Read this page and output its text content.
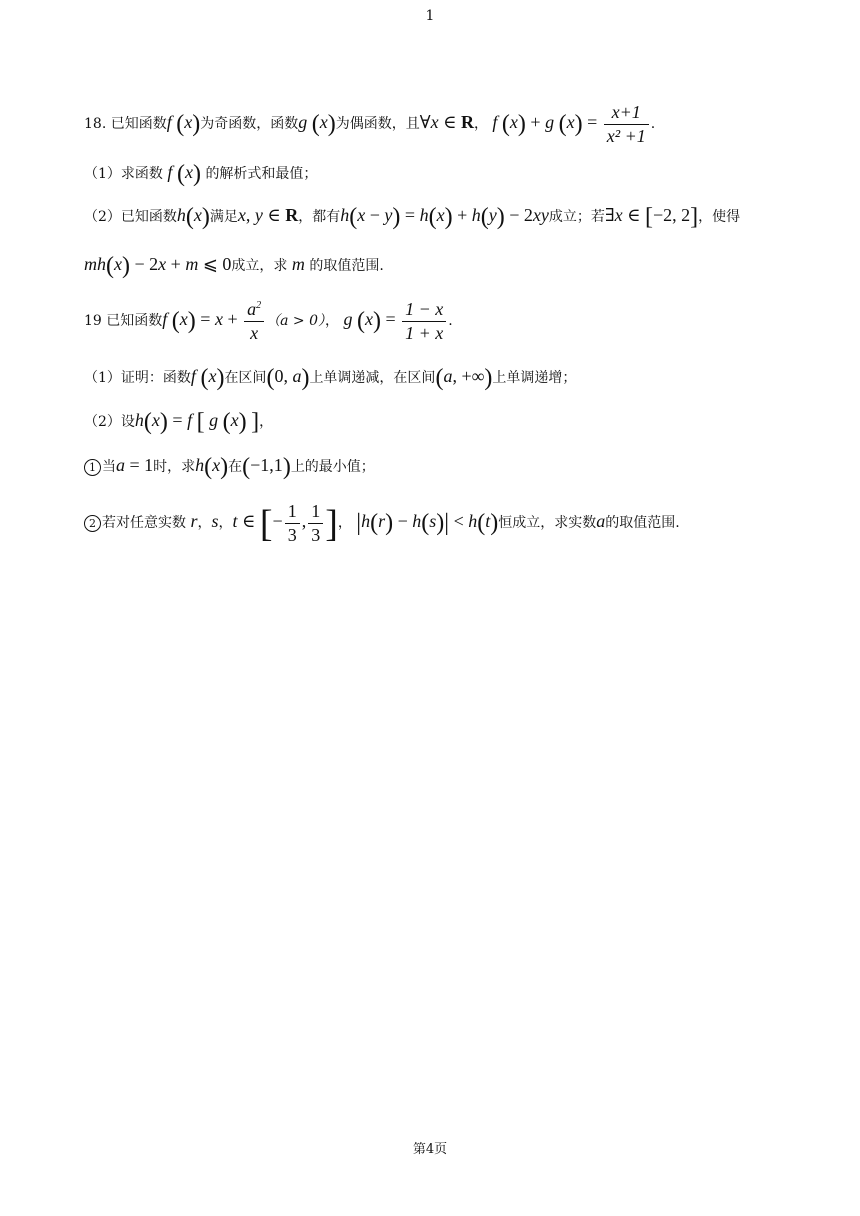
1
18. 已知函数f (x)为奇函数，函数g (x)为偶函数，且∀x ∈ R， f (x) + g $(x) = \frac{x+1}{\text{x² +1}}$ .
（1）求函数 f (x) 的解析式和最值；
（2）已知函数h(x)满足x, y ∈ R，都有h(x − y) = h(x) + h(y) − 2xy成立；若∃x ∈ [−2, 2]，使得
mh(x) − 2x + m ⩽ 0成立，求 m 的取值范围.
19 已知函数f $(x) = x + \frac{a^2}{x} (a > 0)$， g $(x) = \frac{1 - x}{1 + x}$ .
（1）证明：函数f (x)在区间(0, a)上单调递减，在区间(a, +∞)上单调递增；
（2）设h(x) = f [ g (x) ]，
1 当a = 1时，求h(x)在(−1,1)上的最小值；
2 若对任意实数 r，s，t ∈ [− $\frac{1}{3}$ , $\frac{1}{3}$ ]， |h(r) − h(s)| < h(t)恒成立，求实数a的取值范围.
第4页
